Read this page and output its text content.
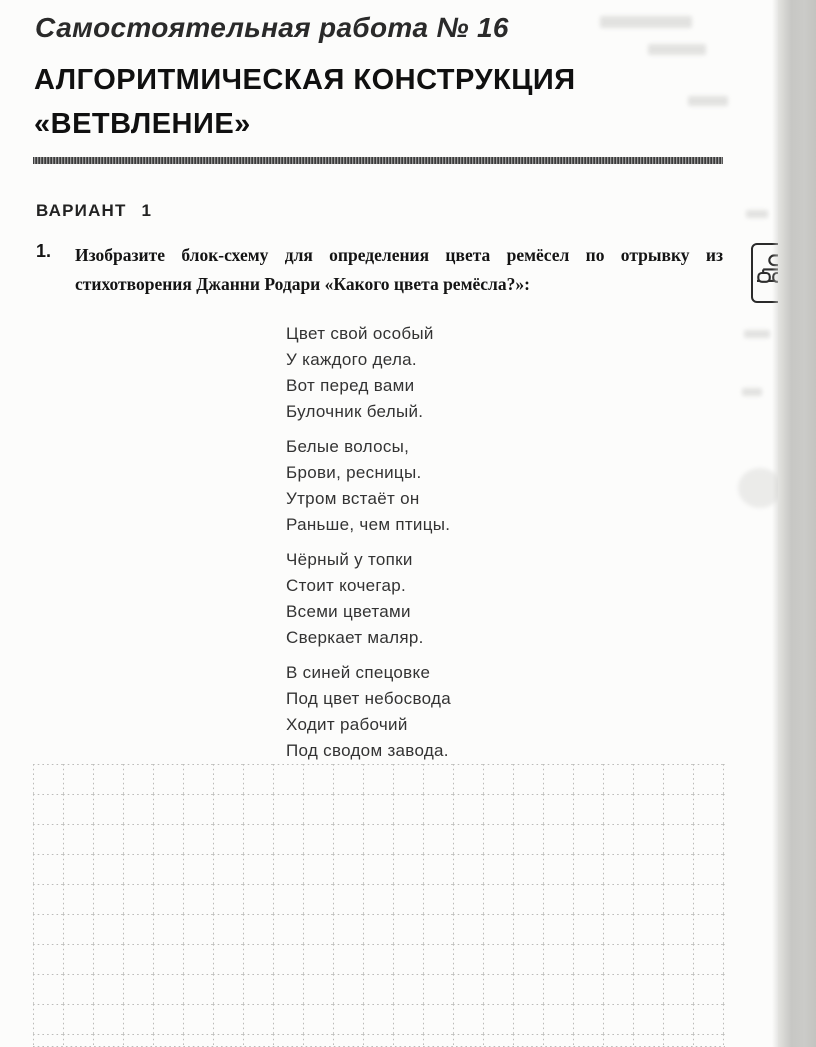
Самостоятельная работа № 16
АЛГОРИТМИЧЕСКАЯ КОНСТРУКЦИЯ
«ВЕТВЛЕНИЕ»
ВАРИАНТ 1
1. Изобразите блок-схему для определения цвета ремёсел по отрывку из стихотворения Джанни Родари «Какого цвета ремёсла?»:
Цвет свой особый
У каждого дела.
Вот перед вами
Булочник белый.
Белые волосы,
Брови, ресницы.
Утром встаёт он
Раньше, чем птицы.
Чёрный у топки
Стоит кочегар.
Всеми цветами
Сверкает маляр.
В синей спецовке
Под цвет небосвода
Ходит рабочий
Под сводом завода.
